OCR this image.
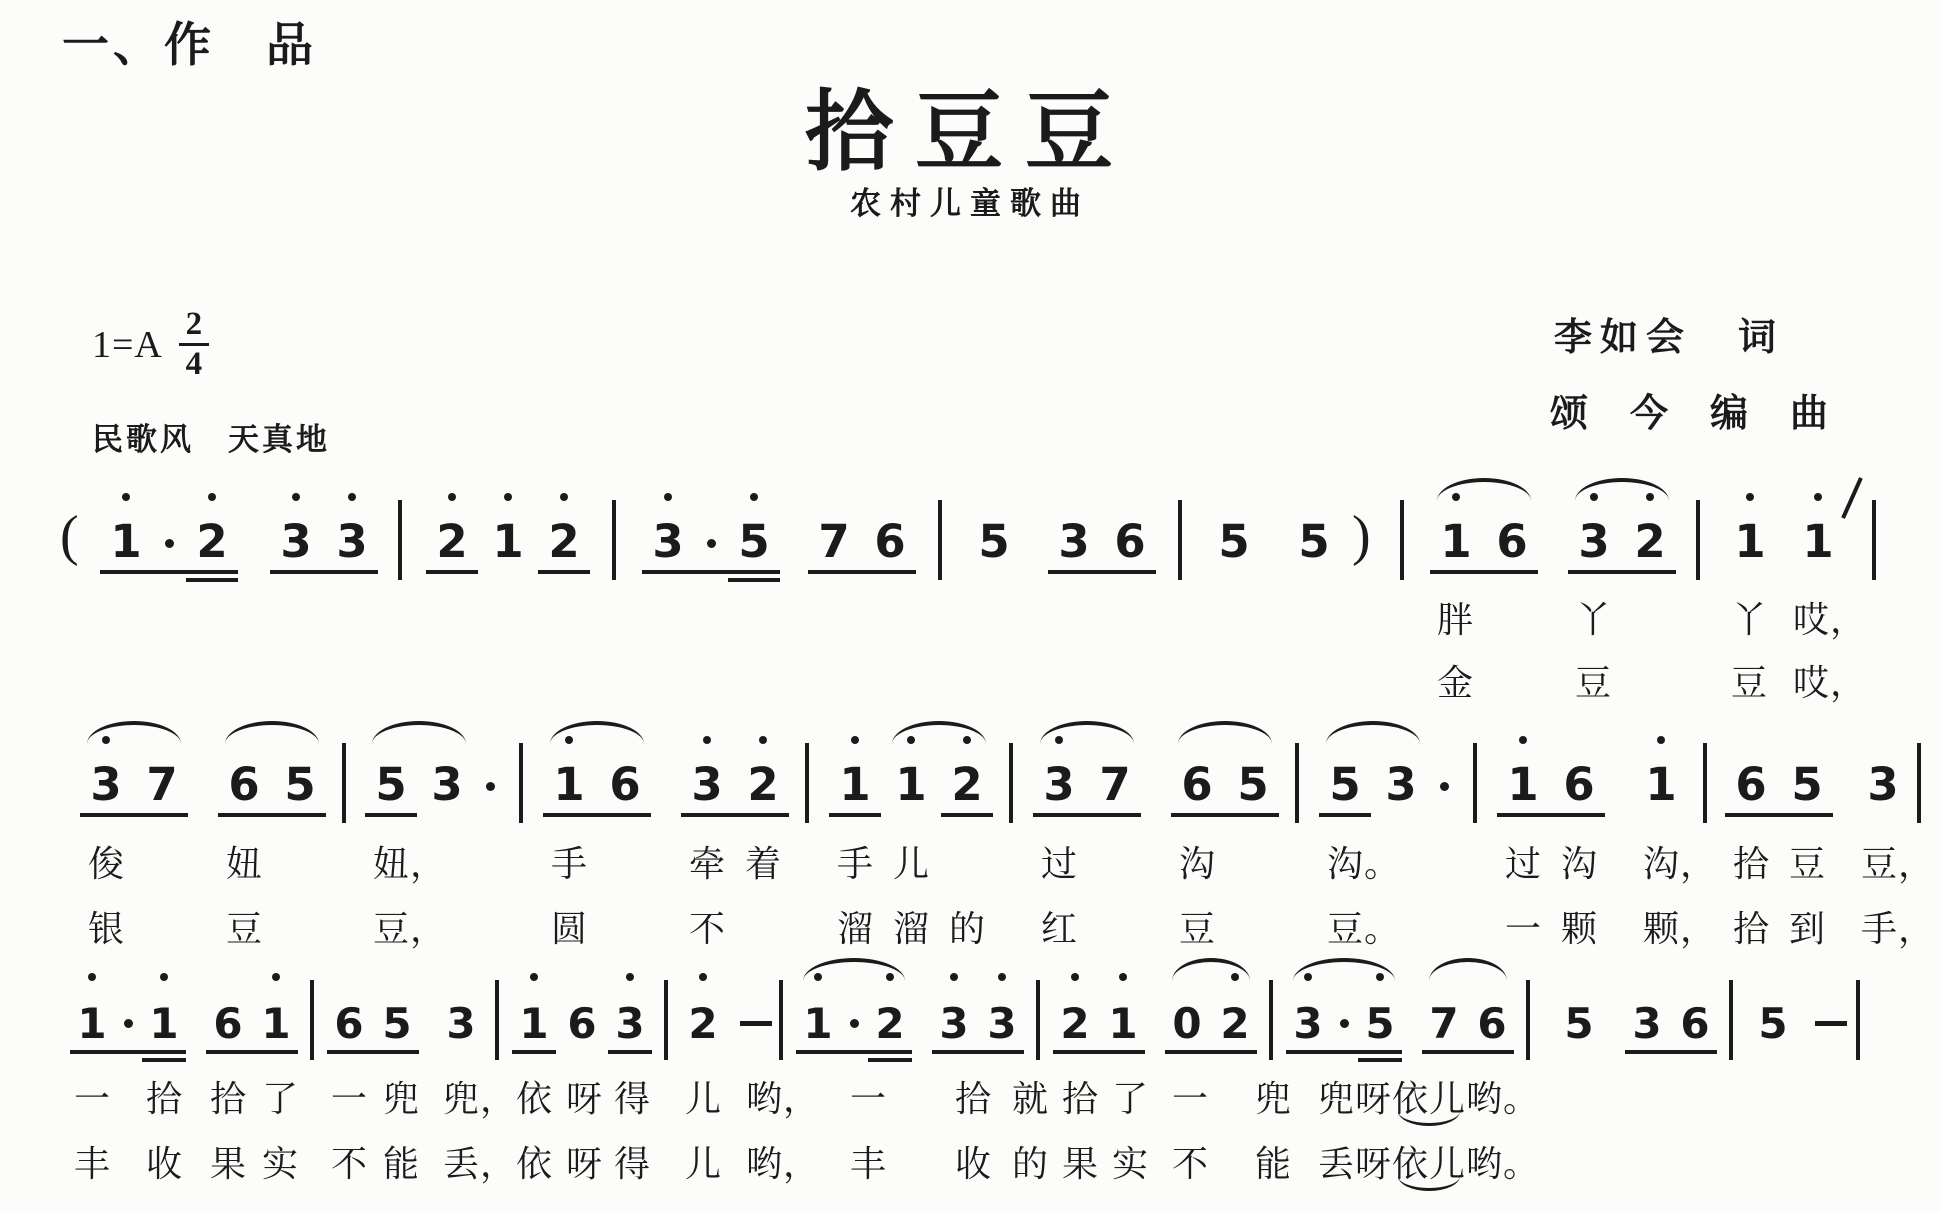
一、作　品
拾豆豆
农村儿童歌曲
$1=A \frac{2}{4}$
民歌风　天真地
李如会　词
颂今编曲
( 1 2 3 3 2 1 2 3 5 7 6 5 3 6 5 5 ) 1 6 3 2 1 1
3 7 6 5 5 3 1 6 3 2 1 1 2 3 7 6 5 5 3 1 6 1 6 5 3
1 1 6 1 6 5 3 1 6 3 2 1 2 3 3 2 1 0 2 3 5 7 6 5 3 6 5
胖	丫	丫 哎，
金	豆	豆 哎，
俊	妞	妞，	手	牵 着 手 儿	过	沟	沟。	过 沟 沟， 拾 豆 豆，
银	豆	豆，	圆	不	溜 溜 的 红	豆	豆。	一 颗 颗， 拾 到 手，
一 拾 拾 了 一 兜 兜，
依 呀 得 儿 哟， 一 拾 就 拾 了 一 兜 兜呀依儿哟。
丰 收 果 实 不 能 丢，
依 呀 得 儿 哟， 丰 收 的 果 实 不 能 丢呀依儿哟。
